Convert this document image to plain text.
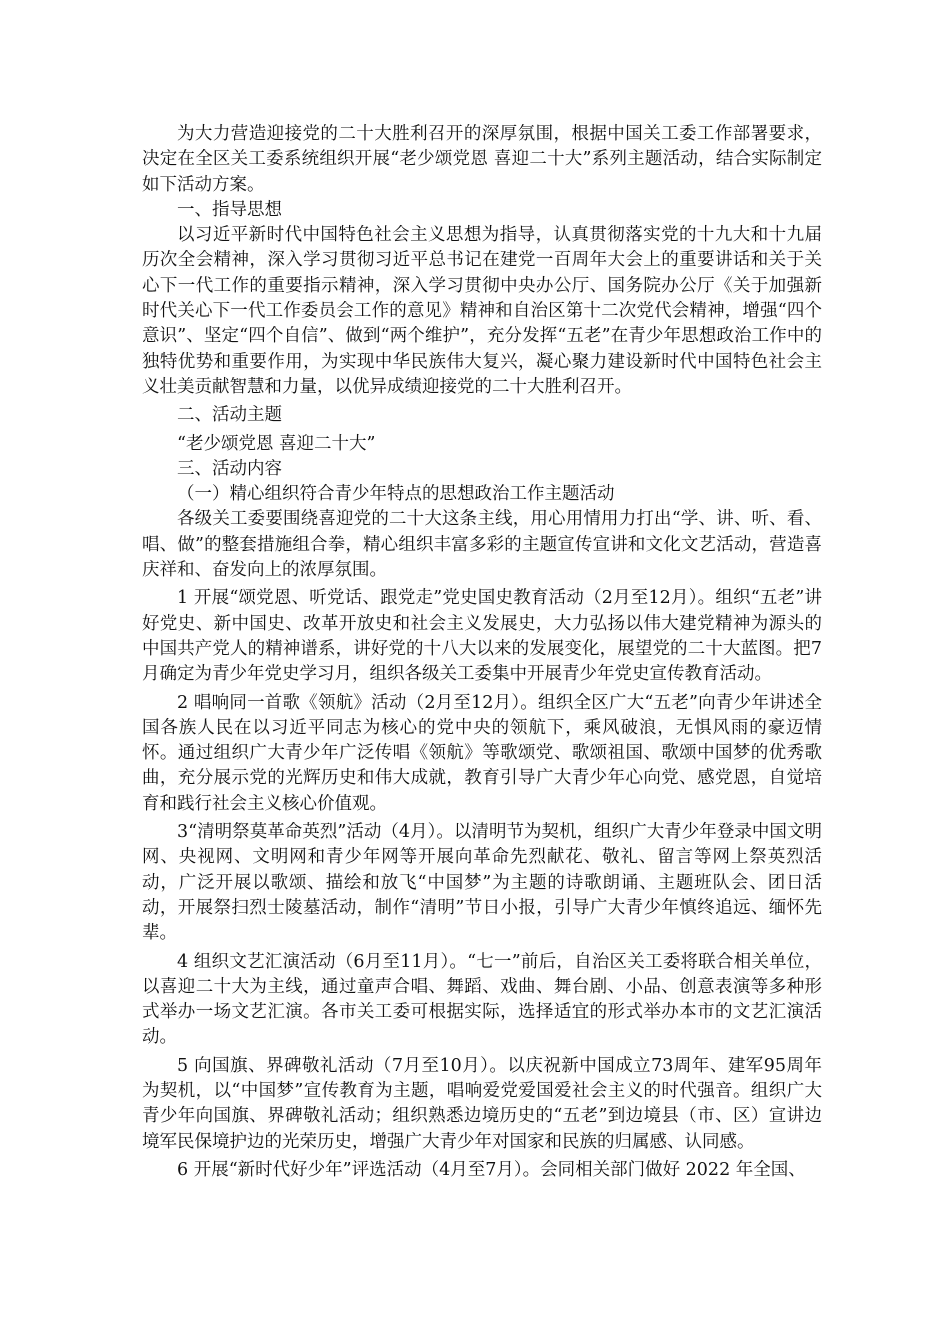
为大力营造迎接党的二十大胜利召开的深厚氛围，根据中国关工委工作部署要求，决定在全区关工委系统组织开展“老少颂党恩 喜迎二十大”系列主题活动，结合实际制定如下活动方案。

一、指导思想

以习近平新时代中国特色社会主义思想为指导，认真贯彻落实党的十九大和十九届历次全会精神，深入学习贯彻习近平总书记在建党一百周年大会上的重要讲话和关于关心下一代工作的重要指示精神，深入学习贯彻中央办公厅、国务院办公厅《关于加强新时代关心下一代工作委员会工作的意见》精神和自治区第十二次党代会精神，增强“四个意识”、坚定“四个自信”、做到“两个维护”，充分发挥“五老”在青少年思想政治工作中的独特优势和重要作用，为实现中华民族伟大复兴，凝心聚力建设新时代中国特色社会主义壮美贡献智慧和力量，以优异成绩迎接党的二十大胜利召开。

二、活动主题

“老少颂党恩 喜迎二十大”

三、活动内容

（一）精心组织符合青少年特点的思想政治工作主题活动

各级关工委要围绕喜迎党的二十大这条主线，用心用情用力打出“学、讲、听、看、唱、做”的整套措施组合拳，精心组织丰富多彩的主题宣传宣讲和文化文艺活动，营造喜庆祥和、奋发向上的浓厚氛围。

1 开展“颂党恩、听党话、跟党走”党史国史教育活动（2月至12月）。组织“五老”讲好党史、新中国史、改革开放史和社会主义发展史，大力弘扬以伟大建党精神为源头的中国共产党人的精神谱系，讲好党的十八大以来的发展变化，展望党的二十大蓝图。把7月确定为青少年党史学习月，组织各级关工委集中开展青少年党史宣传教育活动。

2 唱响同一首歌《领航》活动（2月至12月）。组织全区广大“五老”向青少年讲述全国各族人民在以习近平同志为核心的党中央的领航下，乘风破浪，无惧风雨的豪迈情怀。通过组织广大青少年广泛传唱《领航》等歌颂党、歌颂祖国、歌颂中国梦的优秀歌曲，充分展示党的光辉历史和伟大成就，教育引导广大青少年心向党、感党恩，自觉培育和践行社会主义核心价值观。

3“清明祭莫革命英烈”活动（4月）。以清明节为契机，组织广大青少年登录中国文明网、央视网、文明网和青少年网等开展向革命先烈献花、敬礼、留言等网上祭英烈活动，广泛开展以歌颂、描绘和放飞“中国梦”为主题的诗歌朗诵、主题班队会、团日活动，开展祭扫烈士陵墓活动，制作“清明”节日小报，引导广大青少年慎终追远、缅怀先辈。

4 组织文艺汇演活动（6月至11月）。“七一”前后，自治区关工委将联合相关单位，以喜迎二十大为主线，通过童声合唱、舞蹈、戏曲、舞台剧、小品、创意表演等多种形式举办一场文艺汇演。各市关工委可根据实际，选择适宜的形式举办本市的文艺汇演活动。

5 向国旗、界碑敬礼活动（7月至10月）。以庆祝新中国成立73周年、建军95周年为契机，以“中国梦”宣传教育为主题，唱响爱党爱国爱社会主义的时代强音。组织广大青少年向国旗、界碑敬礼活动；组织熟悉边境历史的“五老”到边境县（市、区）宣讲边境军民保境护边的光荣历史，增强广大青少年对国家和民族的归属感、认同感。

6 开展“新时代好少年”评选活动（4月至7月）。会同相关部门做好 2022 年全国、
